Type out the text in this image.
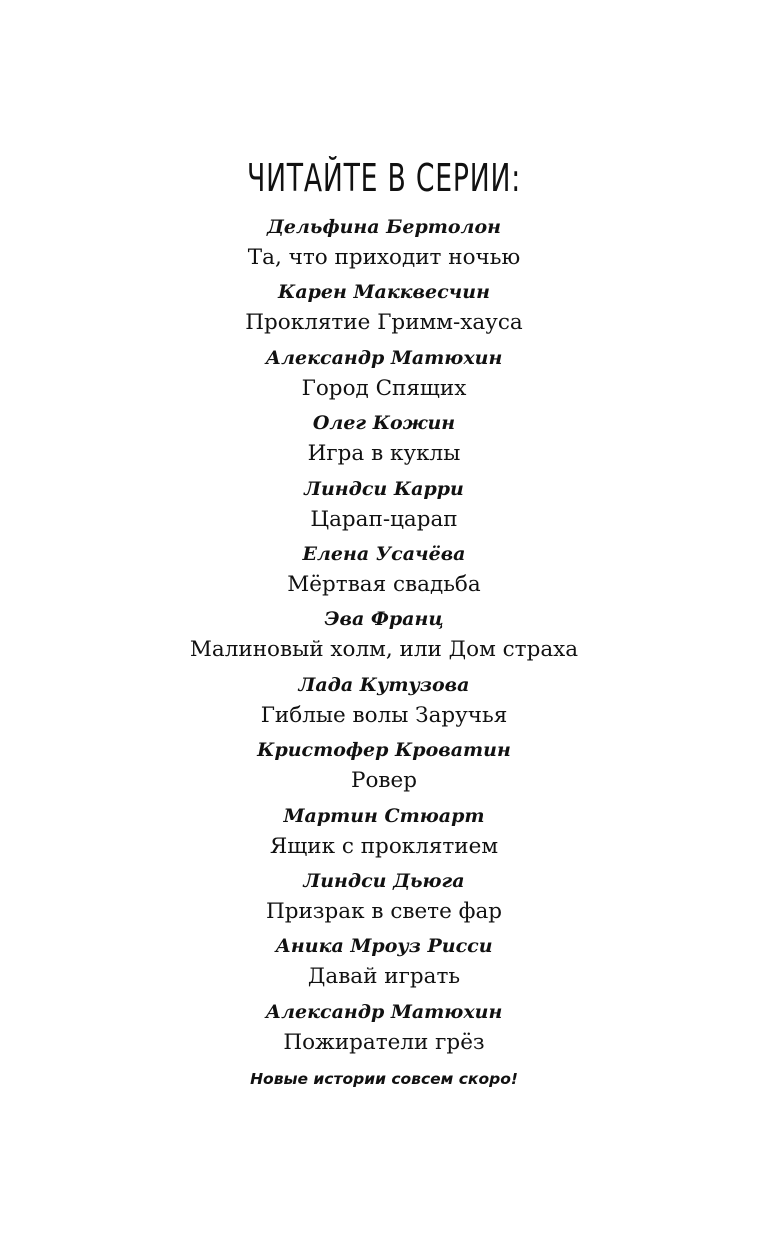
ЧИТАЙТЕ В СЕРИИ:
Дельфина Бертолон
Та, что приходит ночью
Карен Макквесчин
Проклятие Гримм-хауса
Александр Матюхин
Город Спящих
Олег Кожин
Игра в куклы
Линдси Карри
Царап-царап
Елена Усачёва
Мёртвая свадьба
Эва Франц
Малиновый холм, или Дом страха
Лада Кутузова
Гиблые волы Заручья
Кристофер Кроватин
Ровер
Мартин Стюарт
Ящик с проклятием
Линдси Дьюга
Призрак в свете фар
Аника Мроуз Рисси
Давай играть
Александр Матюхин
Пожиратели грёз
Новые истории совсем скоро!
